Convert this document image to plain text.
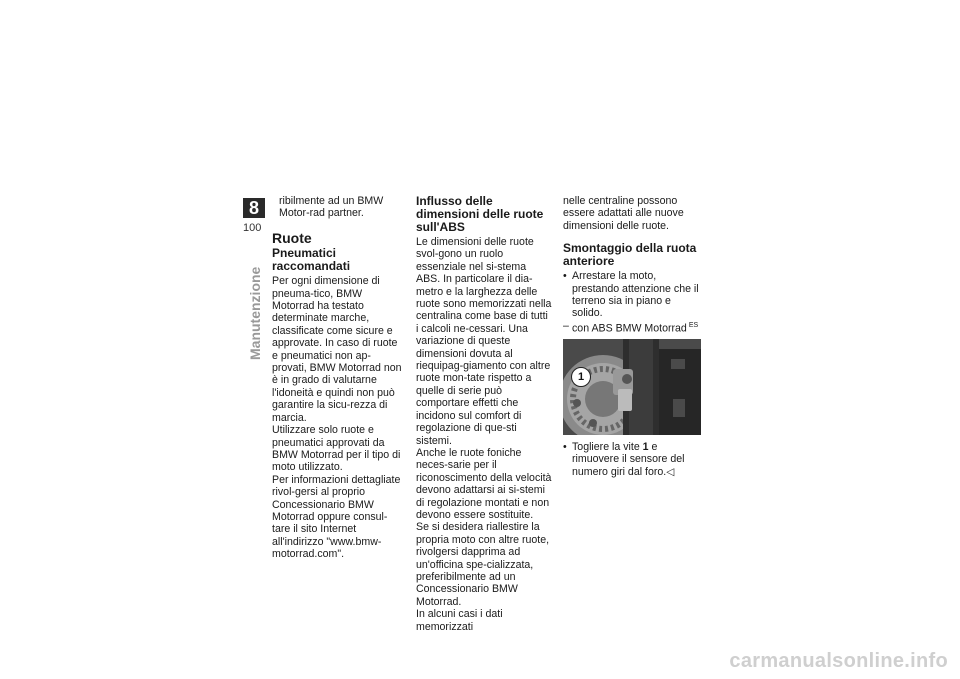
8
100
Manutenzione

ribilmente ad un BMW Motor-rad partner.

Ruote
Pneumatici raccomandati

Per ogni dimensione di pneuma-tico, BMW Motorrad ha testato determinate marche, classificate come sicure e approvate. In caso di ruote e pneumatici non ap-provati, BMW Motorrad non è in grado di valutarne l'idoneità e quindi non può garantire la sicu-rezza di marcia.

Utilizzare solo ruote e pneumatici approvati da BMW Motorrad per il tipo di moto utilizzato.

Per informazioni dettagliate rivol-gersi al proprio Concessionario BMW Motorrad oppure consul-tare il sito Internet all'indirizzo "www.bmw-motorrad.com".

Influsso delle dimensioni delle ruote sull'ABS

Le dimensioni delle ruote svol-gono un ruolo essenziale nel si-stema ABS. In particolare il dia-metro e la larghezza delle ruote sono memorizzati nella centralina come base di tutti i calcoli ne-cessari. Una variazione di queste dimensioni dovuta al riequipag-giamento con altre ruote mon-tate rispetto a quelle di serie può comportare effetti che incidono sul comfort di regolazione di que-sti sistemi.

Anche le ruote foniche neces-sarie per il riconoscimento della velocità devono adattarsi ai si-stemi di regolazione montati e non devono essere sostituite.

Se si desidera riallestire la propria moto con altre ruote, rivolgersi dapprima ad un'officina spe-cializzata, preferibilmente ad un Concessionario BMW Motorrad.

In alcuni casi i dati memorizzati

nelle centraline possono essere adattati alle nuove dimensioni delle ruote.

Smontaggio della ruota anteriore
• Arrestare la moto, prestando attenzione che il terreno sia in piano e solido.
– con ABS BMW Motorrad $^{ES}$
1
• Togliere la vite 1 e rimuovere il sensore del numero giri dal foro.◁
carmanualsonline.info
